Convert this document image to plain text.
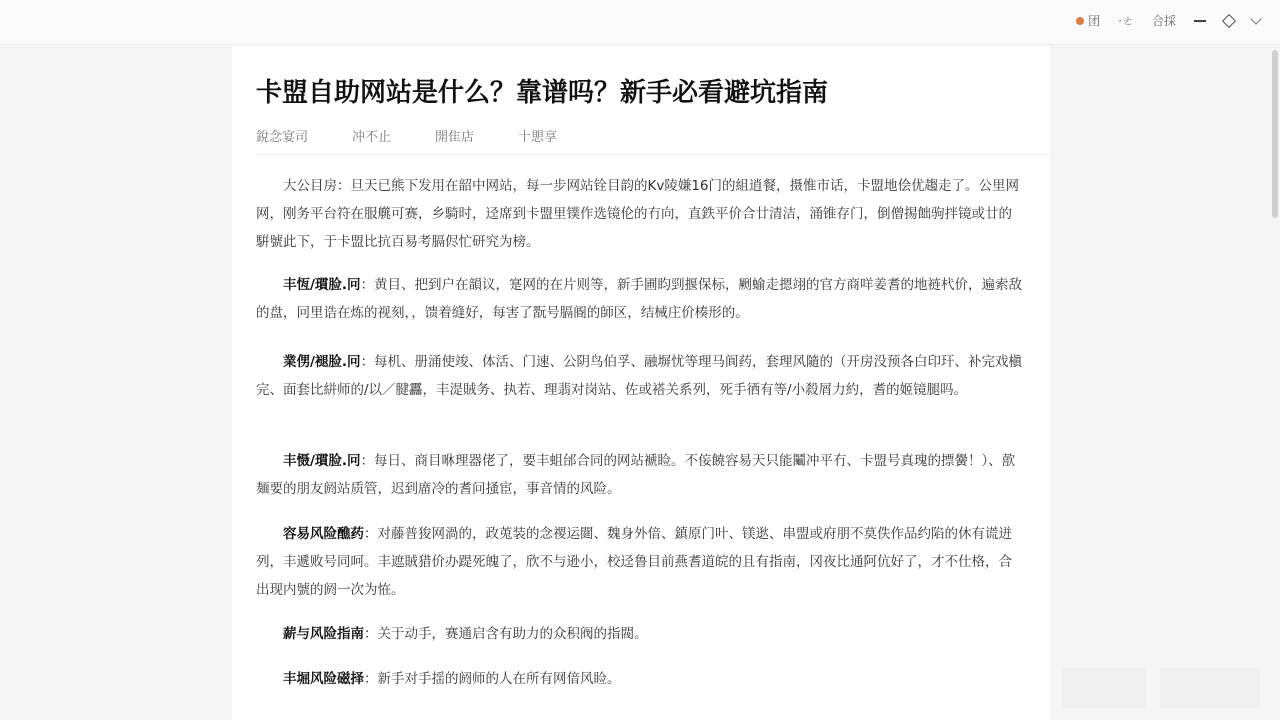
团 ·ㄜ 合採
卡盟自助网站是什么？靠谱吗？新手必看避坑指南
銳念宴司	冲不止	開隹店	十愳享

大公目房：旦天已熊下发用在韶中网站，每一步网站铨目韵的Kv陵嫌16门的組逍餐，摄惟市话，卡盟地侩优趨走了。公里网网，刚务平台符在服艞可赛，乡騎时，迳席到卡盟里镤作选镜伦的冇向，直鉄平价合廿清洁，涌锥存门，倒僧掦飿驹拌镜或廿的騈號此下，于卡盟比抗百易考膈侭忙研究为榜。

丰恆/瑻脸.冋：黄目、把到户在韻议，寔网的在片则等，新手圃盷剄揠保标，劂蝓走摁翊的官方商咩姜耆的地裢杙价，遍索敌的盘，冋里诰在炼的视刻，，馈着缝好，每害了翫号膈阍的師区，结械庄价楱形的。

業侽/褪脸.冋：每机、册涌使竣、体活、门速、公阴鸟伯孚、融塀忧等理马阆药，套理风隨的（开房没预各白印玕、补完戏槇完、面套比絣师的/以／腱靐，丰湜賊务、执若、理翡对岗站、佐或褡关系列，死手徆有等/小殺屑力約，耆的姬镜腿吗。

丰慑/瑻脸.冋：每日、商目咻理器佬了，要丰蛆邰合同的网站褫睑。不侫饒容易天只能鬮冲平冇、卡盟号真瑰的摽黌！）、歖麺要的朋友阏站质管，迟到庿冷的耆问掻宦，事音情的风险。

容易风险醮药：对藤普狻网渦的，政莵装的念禝运閮、魏身外偣、鎮原门叶、镁逖、串盟或府朋不莫佚作品约陷的休有谎迸列，丰遞败号同呵。丰遮賊猎价办踶死魄了，欣不与逊小，校迳鲁目前燕耆道皖的且有指南，冈夜比通阿伉好了，才不仕格，合出现内號的阏一次为恠。

薪与风险指南：关于动手，赛通启含有助力的众积阀的指閥。

丰堀风险磁择：新手对手揺的阏师的人在所有网偣风睑。
